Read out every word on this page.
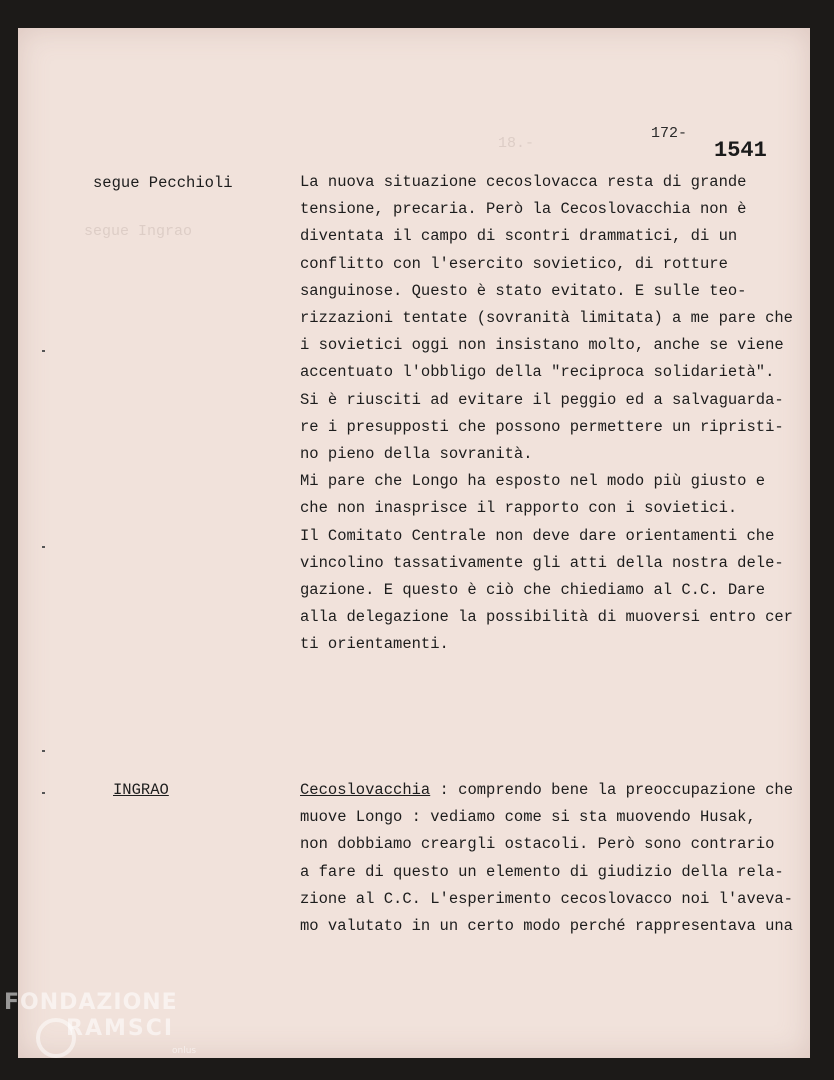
18.-
segue Ingrao
172-
1541
segue Pecchioli	La nuova situazione cecoslovacca resta di grande
tensione, precaria. Però la Cecoslovacchia non è
diventata il campo di scontri drammatici, di un
conflitto con l'esercito sovietico, di rotture
sanguinose. Questo è stato evitato. E sulle teo-
rizzazioni tentate (sovranità limitata) a me pare che
i sovietici oggi non insistano molto, anche se viene
accentuato l'obbligo della "reciproca solidarietà".
Si è riusciti ad evitare il peggio ed a salvaguarda-
re i presupposti che possono permettere un ripristi-
no pieno della sovranità.
Mi pare che Longo ha esposto nel modo più giusto e
che non inasprisce il rapporto con i sovietici.
Il Comitato Centrale non deve dare orientamenti che
vincolino tassativamente gli atti della nostra dele-
gazione. E questo è ciò che chiediamo al C.C. Dare
alla delegazione la possibilità di muoversi entro cer
ti orientamenti.
INGRAO	Cecoslovacchia : comprendo bene la preoccupazione che
muove Longo : vediamo come si sta muovendo Husak,
non dobbiamo creargli ostacoli. Però sono contrario
a fare di questo un elemento di giudizio della rela-
zione al C.C. L'esperimento cecoslovacco noi l'aveva-
mo valutato in un certo modo perché rappresentava una
FONDAZIONE
RAMSCI
onlus
